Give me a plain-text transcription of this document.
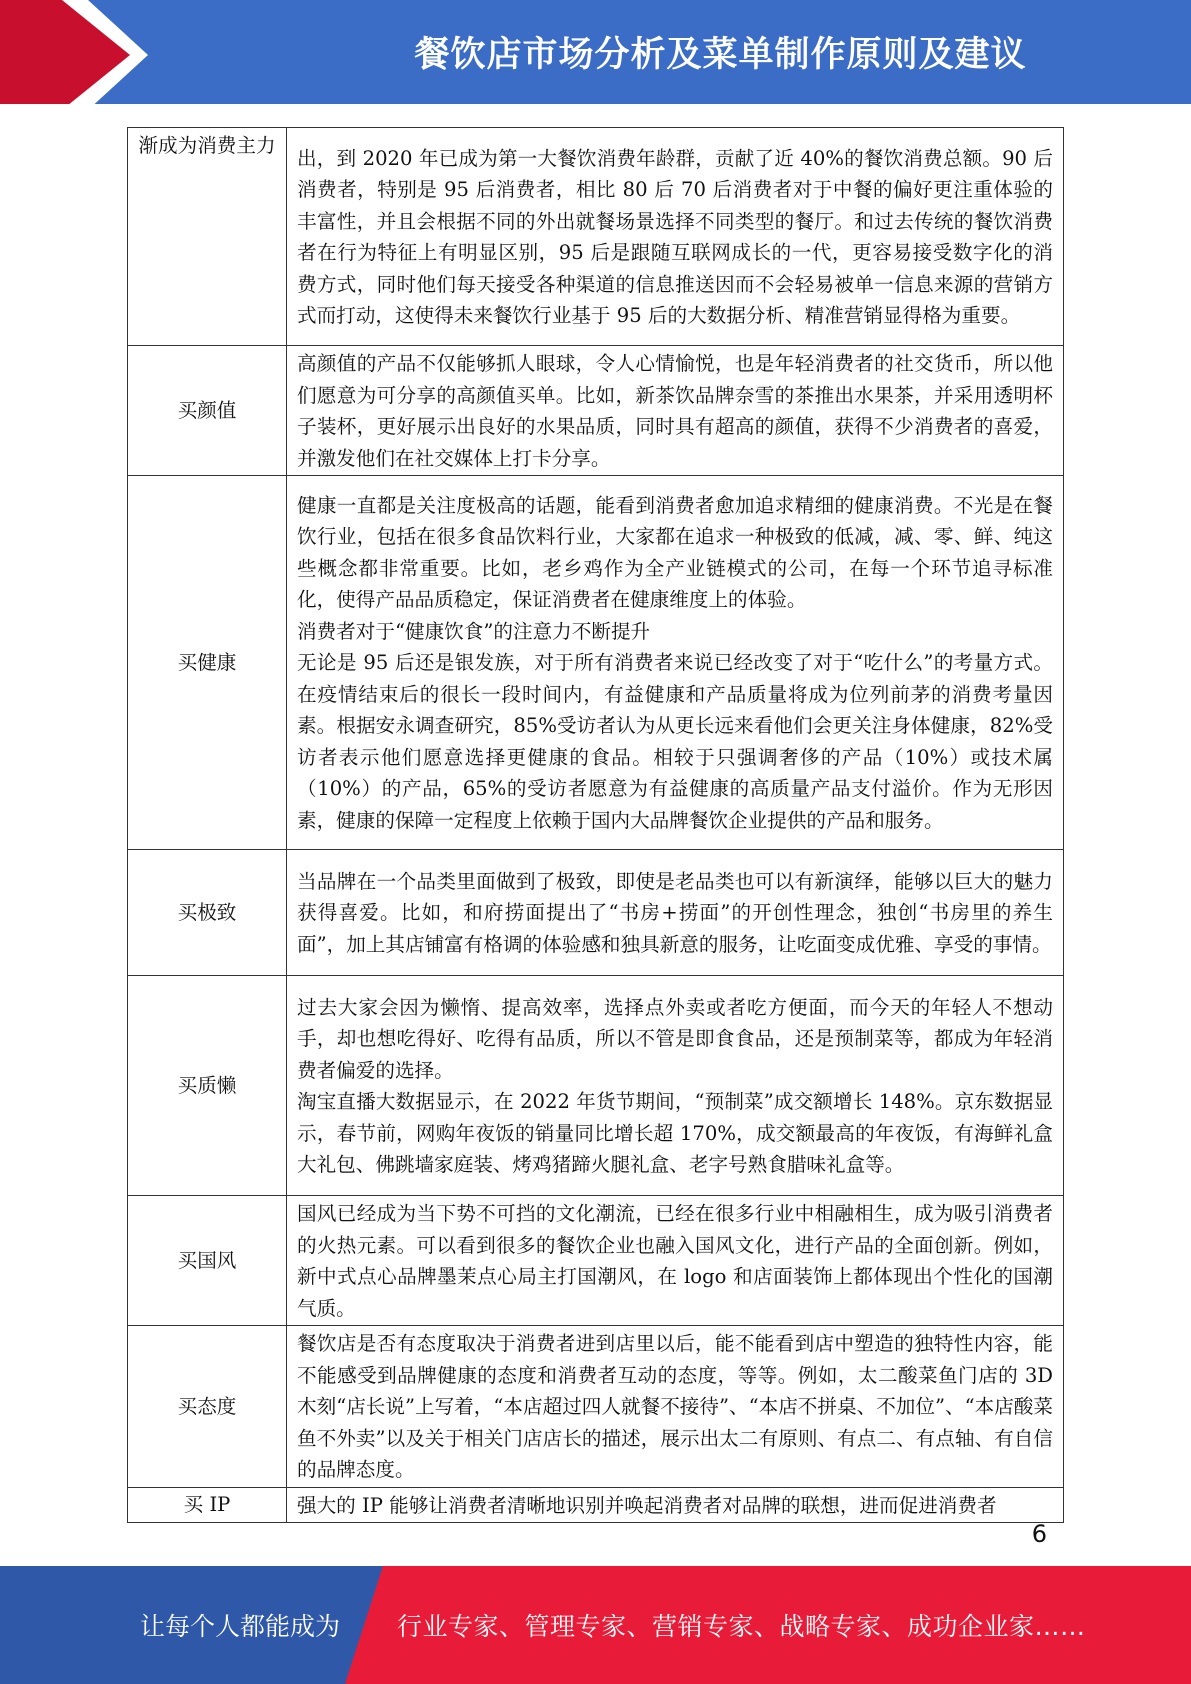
餐饮店市场分析及菜单制作原则及建议
渐成为消费主力	出，到 2020 年已成为第一大餐饮消费年龄群，贡献了近 40%的餐饮消费总额。90 后消费者，特别是 95 后消费者，相比 80 后 70 后消费者对于中餐的偏好更注重体验的丰富性，并且会根据不同的外出就餐场景选择不同类型的餐厅。和过去传统的餐饮消费者在行为特征上有明显区别，95 后是跟随互联网成长的一代，更容易接受数字化的消费方式，同时他们每天接受各种渠道的信息推送因而不会轻易被单一信息来源的营销方式而打动，这使得未来餐饮行业基于 95 后的大数据分析、精准营销显得格为重要。

买颜值	高颜值的产品不仅能够抓人眼球，令人心情愉悦，也是年轻消费者的社交货币，所以他们愿意为可分享的高颜值买单。比如，新茶饮品牌奈雪的茶推出水果茶，并采用透明杯子装杯，更好展示出良好的水果品质，同时具有超高的颜值，获得不少消费者的喜爱，并激发他们在社交媒体上打卡分享。

买健康	健康一直都是关注度极高的话题，能看到消费者愈加追求精细的健康消费。不光是在餐饮行业，包括在很多食品饮料行业，大家都在追求一种极致的低减，减、零、鲜、纯这些概念都非常重要。比如，老乡鸡作为全产业链模式的公司，在每一个环节追寻标准化，使得产品品质稳定，保证消费者在健康维度上的体验。

消费者对于“健康饮食”的注意力不断提升

无论是 95 后还是银发族，对于所有消费者来说已经改变了对于“吃什么”的考量方式。在疫情结束后的很长一段时间内，有益健康和产品质量将成为位列前茅的消费考量因素。根据安永调查研究，85%受访者认为从更长远来看他们会更关注身体健康，82%受访者表示他们愿意选择更健康的食品。相较于只强调奢侈的产品（10%）或技术属（10%）的产品，65%的受访者愿意为有益健康的高质量产品支付溢价。作为无形因素，健康的保障一定程度上依赖于国内大品牌餐饮企业提供的产品和服务。

买极致	当品牌在一个品类里面做到了极致，即使是老品类也可以有新演绎，能够以巨大的魅力获得喜爱。比如，和府捞面提出了“书房+捞面”的开创性理念，独创“书房里的养生面”，加上其店铺富有格调的体验感和独具新意的服务，让吃面变成优雅、享受的事情。

买质懒	过去大家会因为懒惰、提高效率，选择点外卖或者吃方便面，而今天的年轻人不想动手，却也想吃得好、吃得有品质，所以不管是即食食品，还是预制菜等，都成为年轻消费者偏爱的选择。

淘宝直播大数据显示，在 2022 年货节期间，“预制菜”成交额增长 148%。京东数据显示，春节前，网购年夜饭的销量同比增长超 170%，成交额最高的年夜饭，有海鲜礼盒大礼包、佛跳墙家庭装、烤鸡猪蹄火腿礼盒、老字号熟食腊味礼盒等。

买国风	国风已经成为当下势不可挡的文化潮流，已经在很多行业中相融相生，成为吸引消费者的火热元素。可以看到很多的餐饮企业也融入国风文化，进行产品的全面创新。例如，新中式点心品牌墨茉点心局主打国潮风，在 logo 和店面装饰上都体现出个性化的国潮气质。

买态度	餐饮店是否有态度取决于消费者进到店里以后，能不能看到店中塑造的独特性内容，能不能感受到品牌健康的态度和消费者互动的态度，等等。例如，太二酸菜鱼门店的 3D 木刻“店长说”上写着，“本店超过四人就餐不接待”、“本店不拼桌、不加位”、“本店酸菜鱼不外卖”以及关于相关门店店长的描述，展示出太二有原则、有点二、有点轴、有自信的品牌态度。

买 IP	强大的 IP 能够让消费者清晰地识别并唤起消费者对品牌的联想，进而促进消费者

6
让每个人都能成为 行业专家、管理专家、营销专家、战略专家、成功企业家……
